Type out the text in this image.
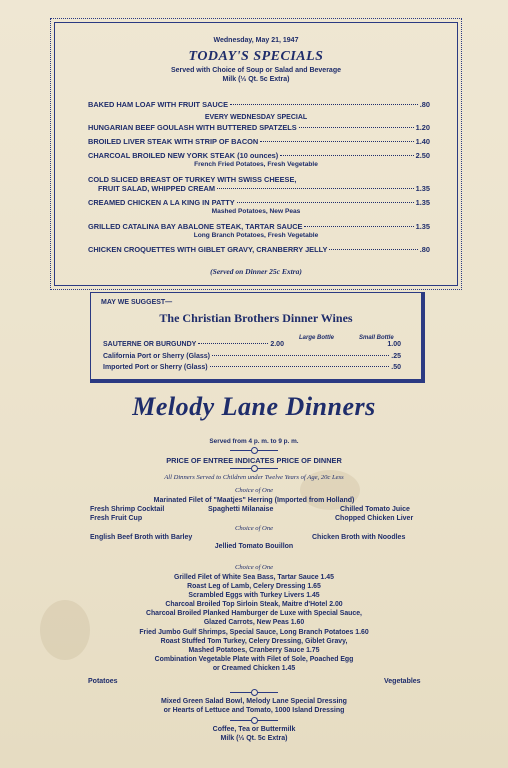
Wednesday, May 21, 1947
TODAY'S SPECIALS
Served with Choice of Soup or Salad and Beverage
Milk (⅓ Qt. 5c Extra)
BAKED HAM LOAF WITH FRUIT SAUCE	.80
EVERY WEDNESDAY SPECIAL
HUNGARIAN BEEF GOULASH WITH BUTTERED SPATZELS	1.20
BROILED LIVER STEAK WITH STRIP OF BACON	1.40
CHARCOAL BROILED NEW YORK STEAK (10 ounces)	2.50
French Fried Potatoes, Fresh Vegetable
COLD SLICED BREAST OF TURKEY WITH SWISS CHEESE,
FRUIT SALAD, WHIPPED CREAM	1.35
CREAMED CHICKEN A LA KING IN PATTY	1.35
Mashed Potatoes, New Peas
GRILLED CATALINA BAY ABALONE STEAK, TARTAR SAUCE	1.35
Long Branch Potatoes, Fresh Vegetable
CHICKEN CROQUETTES WITH GIBLET GRAVY, CRANBERRY JELLY	.80
(Served on Dinner 25c Extra)
MAY WE SUGGEST—
The Christian Brothers Dinner Wines
Large Bottle	Small Bottle
SAUTERNE OR BURGUNDY	2.00	1.00
California Port or Sherry (Glass)	.25
Imported Port or Sherry (Glass)	.50
Melody Lane Dinners
Served from 4 p. m. to 9 p. m.
PRICE OF ENTREE INDICATES PRICE OF DINNER
All Dinners Served to Children under Twelve Years of Age, 20c Less
Choice of One
Marinated Filet of "Maatjes" Herring (Imported from Holland)
Fresh Shrimp Cocktail	Spaghetti Milanaise	Chilled Tomato Juice
Fresh Fruit Cup	Chopped Chicken Liver
Choice of One
English Beef Broth with Barley	Chicken Broth with Noodles
Jellied Tomato Bouillon
Choice of One
Grilled Filet of White Sea Bass, Tartar Sauce 1.45
Roast Leg of Lamb, Celery Dressing 1.65
Scrambled Eggs with Turkey Livers 1.45
Charcoal Broiled Top Sirloin Steak, Maitre d'Hotel 2.00
Charcoal Broiled Planked Hamburger de Luxe with Special Sauce,
Glazed Carrots, New Peas 1.60
Fried Jumbo Gulf Shrimps, Special Sauce, Long Branch Potatoes 1.60
Roast Stuffed Tom Turkey, Celery Dressing, Giblet Gravy,
Mashed Potatoes, Cranberry Sauce 1.75
Combination Vegetable Plate with Filet of Sole, Poached Egg
or Creamed Chicken 1.45
Potatoes	Vegetables
Mixed Green Salad Bowl, Melody Lane Special Dressing
or Hearts of Lettuce and Tomato, 1000 Island Dressing
Coffee, Tea or Buttermilk
Milk (⅓ Qt. 5c Extra)
